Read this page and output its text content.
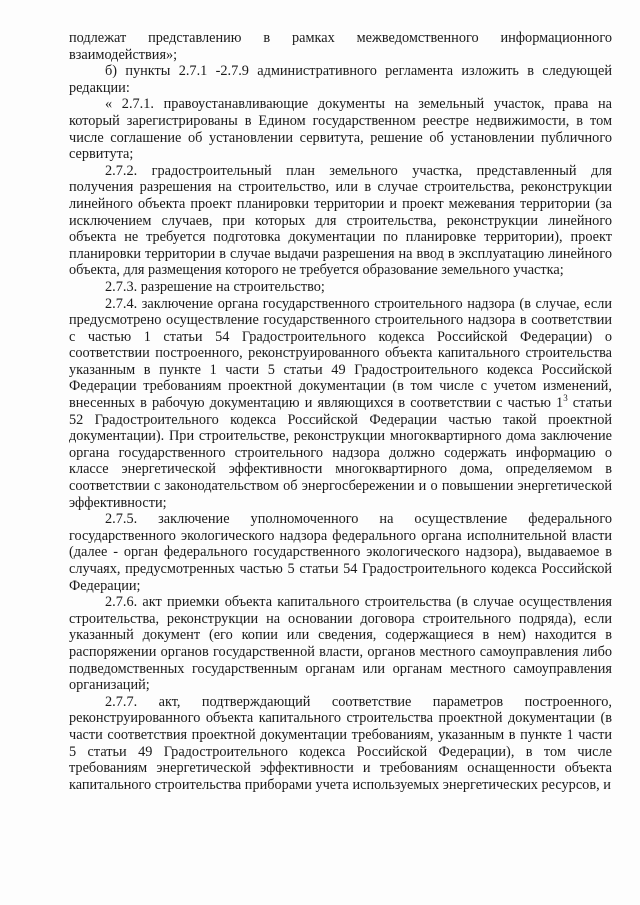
подлежат представлению в рамках межведомственного информационного взаимодействия»;

б) пункты 2.7.1 -2.7.9 административного регламента изложить в следующей редакции:

« 2.7.1. правоустанавливающие документы на земельный участок, права на который зарегистрированы в Едином государственном реестре недвижимости, в том числе соглашение об установлении сервитута, решение об установлении публичного сервитута;

2.7.2. градостроительный план земельного участка, представленный для получения разрешения на строительство, или в случае строительства, реконструкции линейного объекта проект планировки территории и проект межевания территории (за исключением случаев, при которых для строительства, реконструкции линейного объекта не требуется подготовка документации по планировке территории), проект планировки территории в случае выдачи разрешения на ввод в эксплуатацию линейного объекта, для размещения которого не требуется образование земельного участка;

2.7.3. разрешение на строительство;

2.7.4. заключение органа государственного строительного надзора (в случае, если предусмотрено осуществление государственного строительного надзора в соответствии с частью 1 статьи 54 Градостроительного кодекса Российской Федерации) о соответствии построенного, реконструированного объекта капитального строительства указанным в пункте 1 части 5 статьи 49 Градостроительного кодекса Российской Федерации требованиям проектной документации (в том числе с учетом изменений, внесенных в рабочую документацию и являющихся в соответствии с частью $1^3$ статьи 52 Градостроительного кодекса Российской Федерации частью такой проектной документации). При строительстве, реконструкции многоквартирного дома заключение органа государственного строительного надзора должно содержать информацию о классе энергетической эффективности многоквартирного дома, определяемом в соответствии с законодательством об энергосбережении и о повышении энергетической эффективности;

2.7.5. заключение уполномоченного на осуществление федерального государственного экологического надзора федерального органа исполнительной власти (далее - орган федерального государственного экологического надзора), выдаваемое в случаях, предусмотренных частью 5 статьи 54 Градостроительного кодекса Российской Федерации;

2.7.6. акт приемки объекта капитального строительства (в случае осуществления строительства, реконструкции на основании договора строительного подряда), если указанный документ (его копии или сведения, содержащиеся в нем) находится в распоряжении органов государственной власти, органов местного самоуправления либо подведомственных государственным органам или органам местного самоуправления организаций;

2.7.7. акт, подтверждающий соответствие параметров построенного, реконструированного объекта капитального строительства проектной документации (в части соответствия проектной документации требованиям, указанным в пункте 1 части 5 статьи 49 Градостроительного кодекса Российской Федерации), в том числе требованиям энергетической эффективности и требованиям оснащенности объекта капитального строительства приборами учета используемых энергетических ресурсов, и
